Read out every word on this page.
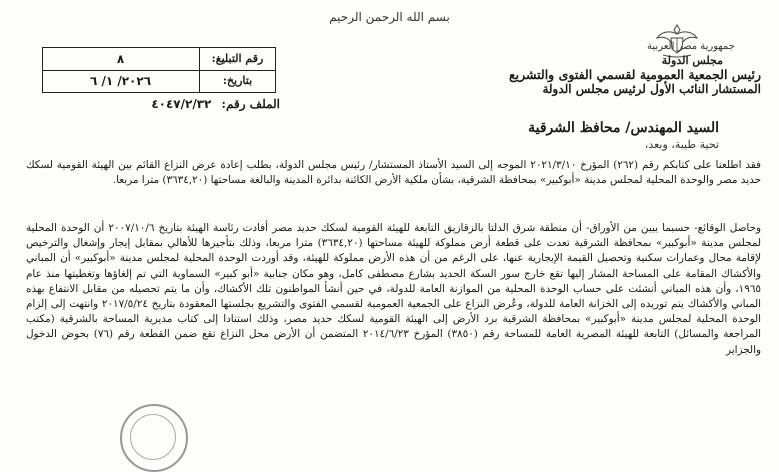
بسم الله الرحمن الرحيم
جمهورية مصر العربية
مجلس الدولة
رئيس الجمعية العمومية لقسمي الفتوى والتشريع
المستشار النائب الأول لرئيس مجلس الدولة
رقم التبليغ:
٨
بتاريخ:
٢٠٢٦/ ١/ ٦
الملف رقم: ٤٠٤٧/٢/٣٢
السيد المهندس/ محافظ الشرقية
تحية طيبة، وبعد،
فقد اطلعنا على كتابكم رقم (٢٦٢) المؤرخ ٢٠٢١/٣/١٠ الموجه إلى السيد الأستاذ المستشار/ رئيس مجلس الدولة، بطلب إعادة عرض النزاع القائم بين الهيئة القومية لسكك حديد مصر والوحدة المحلية لمجلس مدينة «أبوكبير» بمحافظة الشرقية، بشأن ملكية الأرض الكائنة بدائرة المدينة والبالغة مساحتها (٣٦٣٤,٢٠) مترا مربعا.
وحاصل الوقائع- حسبما يبين من الأوراق- أن منطقة شرق الدلتا بالزقازيق التابعة للهيئة القومية لسكك حديد مصر أفادت رئاسة الهيئة بتاريخ ٢٠٠٧/١٠/٦ أن الوحدة المحلية لمجلس مدينة «أبوكبير» بمحافظة الشرقية تعدت على قطعة أرض مملوكة للهيئة مساحتها (٣٦٣٤,٢٠) مترا مربعا، وذلك بتأجيرها للأهالي بمقابل إيجار وإشغال والترخيص لإقامة محال وعمارات سكنية وتحصيل القيمة الإيجارية عنها، على الرغم من أن هذه الأرض مملوكة للهيئة، وقد أوردت الوحدة المحلية لمجلس مدينة «أبوكبير» أن المباني والأكشاك المقامة على المساحة المشار إليها تقع خارج سور السكة الحديد بشارع مصطفى كامل، وهو مكان جنابية «أبو كبير» السماوية التي تم إلغاؤها وتغطيتها منذ عام ١٩٦٥، وأن هذه المباني أنشئت على حساب الوحدة المحلية من الموازنة العامة للدولة، في حين أنشأ المواطنون تلك الأكشاك، وأن ما يتم تحصيله من مقابل الانتفاع بهذه المباني والأكشاك يتم توريده إلى الخزانة العامة للدولة، وعُرض النزاع على الجمعية العمومية لقسمي الفتوى والتشريع بجلستها المعقودة بتاريخ ٢٠١٧/٥/٢٤ وانتهت إلى إلزام الوحدة المحلية لمجلس مدينة «أبوكبير» بمحافظة الشرقية برد الأرض إلى الهيئة القومية لسكك حديد مصر، وذلك استنادا إلى كتاب مديرية المساحة بالشرقية (مكتب المراجعة والمسائل) التابعة للهيئة المصرية العامة للمساحة رقم (٣٨٥٠) المؤرخ ٢٠١٤/٦/٢٣ المتضمن أن الأرض محل النزاع تقع ضمن القطعة رقم (٧٦) بحوض الدخول والجزاير
